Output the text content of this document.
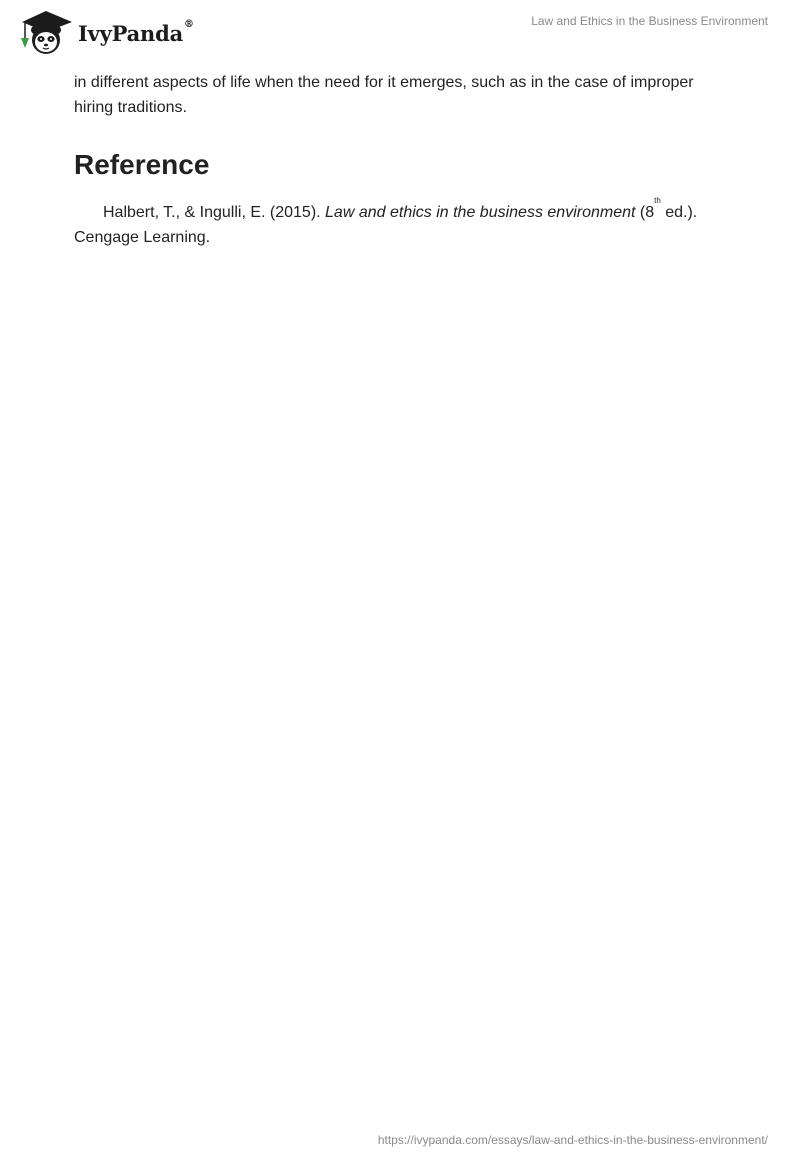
IvyPanda®	Law and Ethics in the Business Environment

in different aspects of life when the need for it emerges, such as in the case of improper hiring traditions.

Reference

Halbert, T., & Ingulli, E. (2015). Law and ethics in the business environment (8th ed.). Cengage Learning.

https://ivypanda.com/essays/law-and-ethics-in-the-business-environment/
